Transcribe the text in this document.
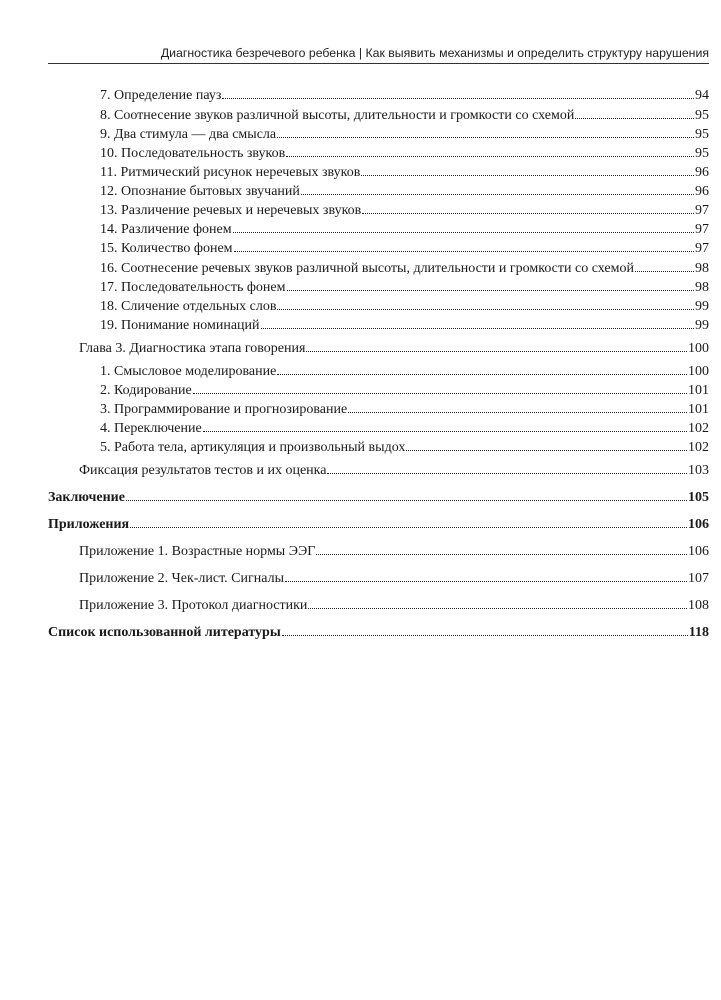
Диагностика безречевого ребенка | Как выявить механизмы и определить структуру нарушения
7. Определение пауз	94
8. Соотнесение звуков различной высоты, длительности и громкости со схемой	95
9. Два стимула — два смысла	95
10. Последовательность звуков	95
11. Ритмический рисунок неречевых звуков	96
12. Опознание бытовых звучаний	96
13. Различение речевых и неречевых звуков	97
14. Различение фонем	97
15. Количество фонем	97
16. Соотнесение речевых звуков различной высоты, длительности и громкости со схемой	98
17. Последовательность фонем	98
18. Сличение отдельных слов	99
19. Понимание номинаций	99
Глава 3. Диагностика этапа говорения	100
1. Смысловое моделирование	100
2. Кодирование	101
3. Программирование и прогнозирование	101
4. Переключение	102
5. Работа тела, артикуляция и произвольный выдох	102
Фиксация результатов тестов и их оценка	103
Заключение	105
Приложения	106
Приложение 1. Возрастные нормы ЭЭГ	106
Приложение 2. Чек-лист. Сигналы	107
Приложение 3. Протокол диагностики	108
Список использованной литературы	118
